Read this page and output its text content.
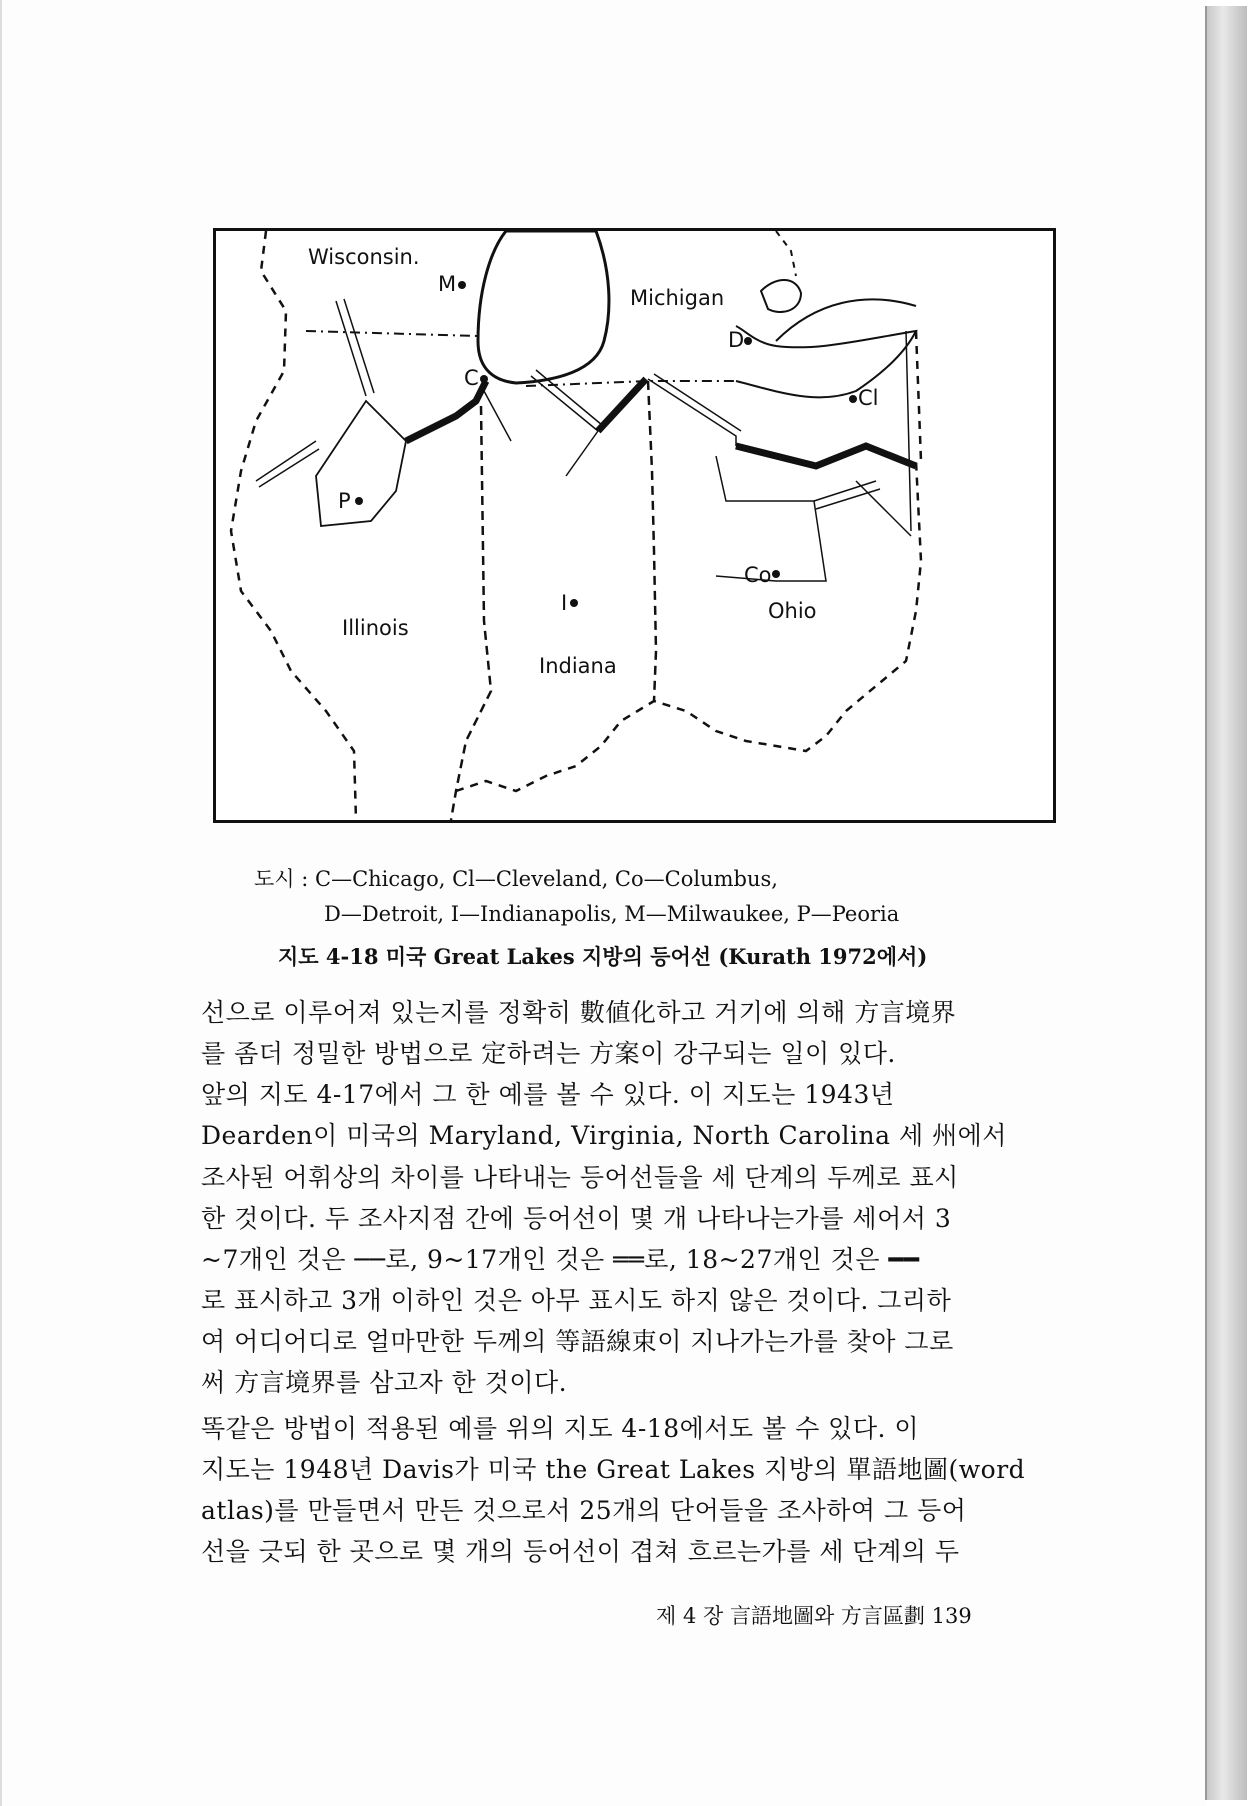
Wisconsin.
Michigan
Illinois
Indiana
Ohio
M
C
P
D
Cl
Co
I
도시 : C—Chicago, Cl—Cleveland, Co—Columbus,
D—Detroit, I—Indianapolis, M—Milwaukee, P—Peoria
지도 4-18 미국 Great Lakes 지방의 등어선 (Kurath 1972에서)
선으로 이루어져 있는지를 정확히 數値化하고 거기에 의해 方言境界
를 좀더 정밀한 방법으로 定하려는 方案이 강구되는 일이 있다.
앞의 지도 4-17에서 그 한 예를 볼 수 있다. 이 지도는 1943년
Dearden이 미국의 Maryland, Virginia, North Carolina 세 州에서
조사된 어휘상의 차이를 나타내는 등어선들을 세 단계의 두께로 표시
한 것이다. 두 조사지점 간에 등어선이 몇 개 나타나는가를 세어서 3
~7개인 것은 ──로, 9~17개인 것은 ══로, 18~27개인 것은 ━━
로 표시하고 3개 이하인 것은 아무 표시도 하지 않은 것이다. 그리하
여 어디어디로 얼마만한 두께의 等語線束이 지나가는가를 찾아 그로
써 方言境界를 삼고자 한 것이다.
똑같은 방법이 적용된 예를 위의 지도 4-18에서도 볼 수 있다. 이
지도는 1948년 Davis가 미국 the Great Lakes 지방의 單語地圖(word
atlas)를 만들면서 만든 것으로서 25개의 단어들을 조사하여 그 등어
선을 긋되 한 곳으로 몇 개의 등어선이 겹쳐 흐르는가를 세 단계의 두
제 4 장 言語地圖와 方言區劃 139
